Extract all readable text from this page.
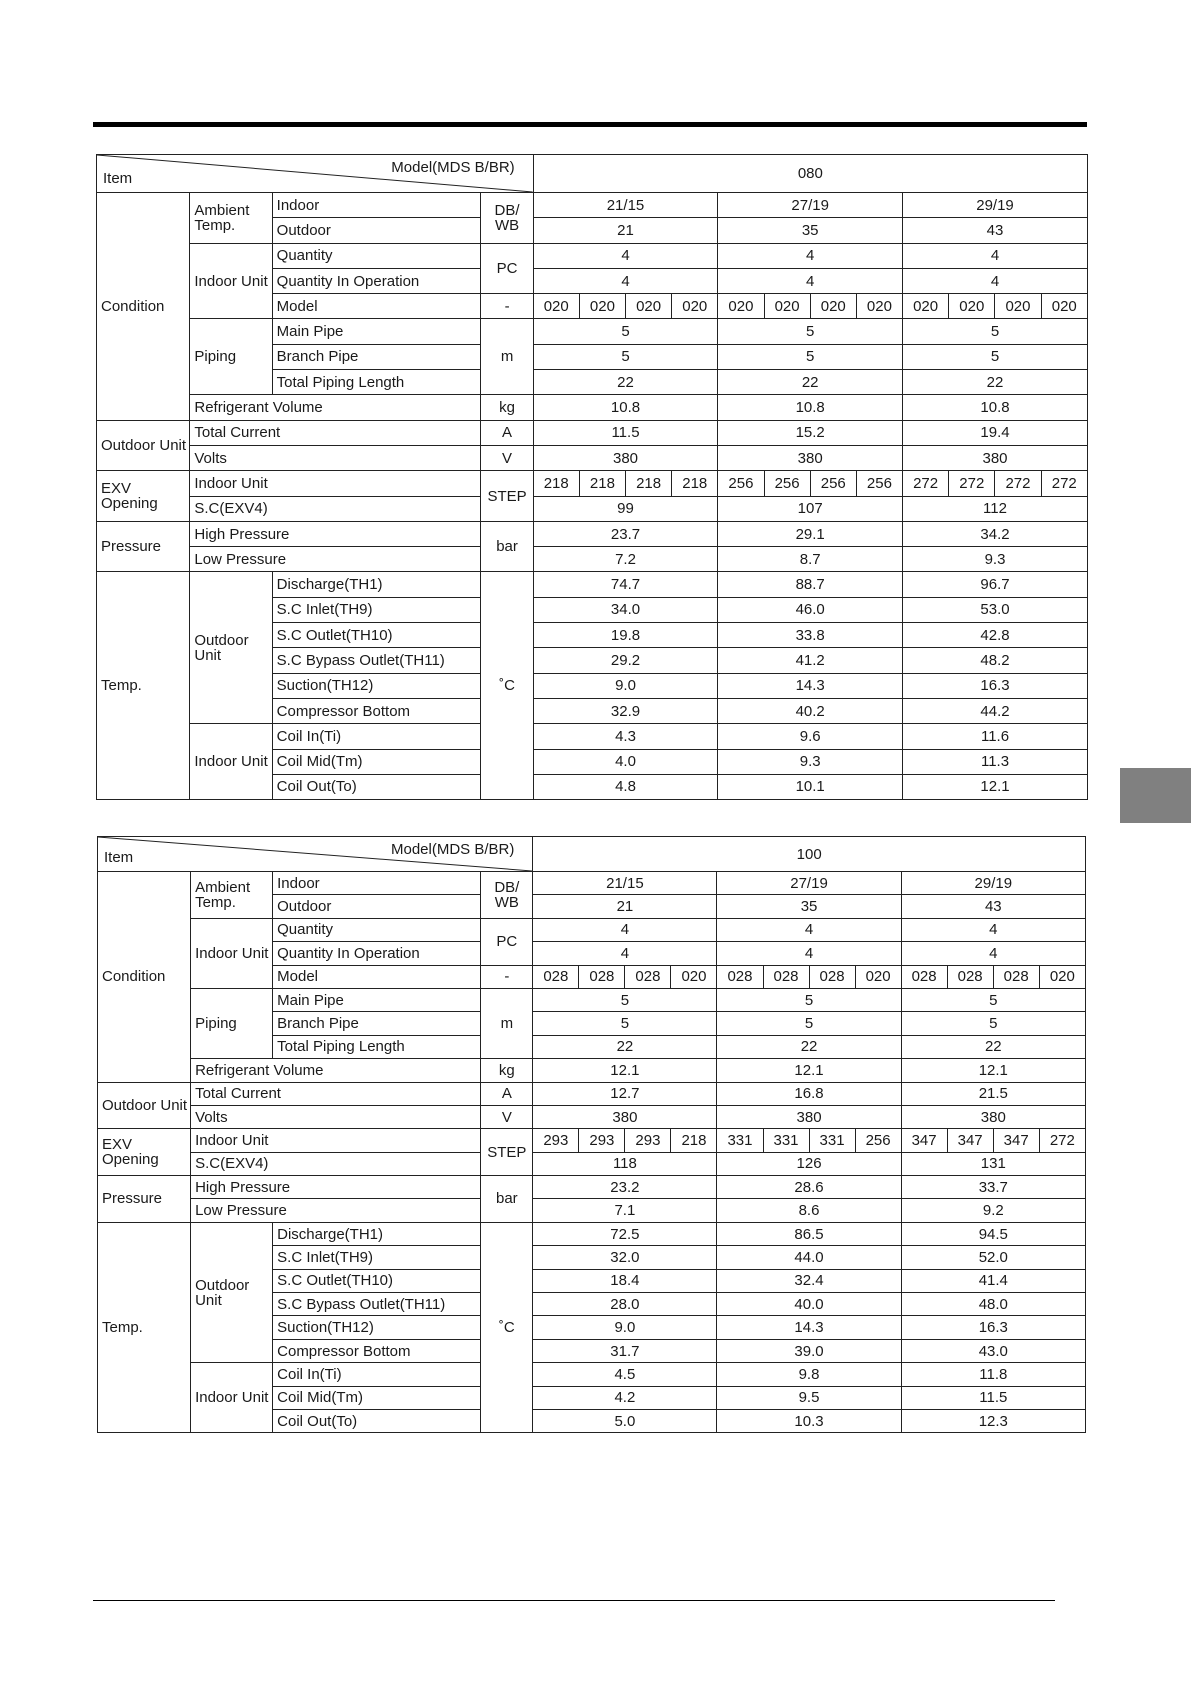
Item
Model(MDS B/BR)				080											
Condition	Ambient Temp.	Indoor	DB/ WB	21/15				27/19				29/19			
		Outdoor		21				35				43			
	Indoor Unit	Quantity	PC	4				4				4			
		Quantity In Operation		4				4				4			
		Model	-	020	020	020	020	020	020	020	020	020	020	020	020
	Piping	Main Pipe	m	5				5				5			
		Branch Pipe		5				5				5			
		Total Piping Length		22				22				22			
	Refrigerant Volume		kg	10.8				10.8				10.8			
Outdoor Unit	Total Current		A	11.5				15.2				19.4			
	Volts		V	380				380				380			
EXV Opening	Indoor Unit		STEP	218	218	218	218	256	256	256	256	272	272	272	272
	S.C(EXV4)			99				107				112			
Pressure	High Pressure		bar	23.7				29.1				34.2			
	Low Pressure			7.2				8.7				9.3			
Temp.	Outdoor Unit	Discharge(TH1)	˚C	74.7				88.7				96.7			
		S.C Inlet(TH9)		34.0				46.0				53.0			
		S.C Outlet(TH10)		19.8				33.8				42.8			
		S.C Bypass Outlet(TH11)		29.2				41.2				48.2			
		Suction(TH12)		9.0				14.3				16.3			
		Compressor Bottom		32.9				40.2				44.2			
	Indoor Unit	Coil In(Ti)		4.3				9.6				11.6			
		Coil Mid(Tm)		4.0				9.3				11.3			
		Coil Out(To)		4.8				10.1				12.1			
Item Model(MDS B/BR)				100											
Condition	Ambient Temp.	Indoor	DB/ WB	21/15				27/19				29/19			
		Outdoor		21				35				43			
	Indoor Unit	Quantity	PC	4				4				4			
		Quantity In Operation		4				4				4			
		Model	-	028	028	028	020	028	028	028	020	028	028	028	020
	Piping	Main Pipe	m	5				5				5			
		Branch Pipe		5				5				5			
		Total Piping Length		22				22				22			
	Refrigerant Volume		kg	12.1				12.1				12.1			
Outdoor Unit	Total Current		A	12.7				16.8				21.5			
	Volts		V	380				380				380			
EXV Opening	Indoor Unit		STEP	293	293	293	218	331	331	331	256	347	347	347	272
	S.C(EXV4)			118				126				131			
Pressure	High Pressure		bar	23.2				28.6				33.7			
	Low Pressure			7.1				8.6				9.2			
Temp.	Outdoor Unit	Discharge(TH1)	˚C	72.5				86.5				94.5			
		S.C Inlet(TH9)		32.0				44.0				52.0			
		S.C Outlet(TH10)		18.4				32.4				41.4			
		S.C Bypass Outlet(TH11)		28.0				40.0				48.0			
		Suction(TH12)		9.0				14.3				16.3			
		Compressor Bottom		31.7				39.0				43.0			
	Indoor Unit	Coil In(Ti)		4.5				9.8				11.8			
		Coil Mid(Tm)		4.2				9.5				11.5			
		Coil Out(To)		5.0				10.3				12.3			
